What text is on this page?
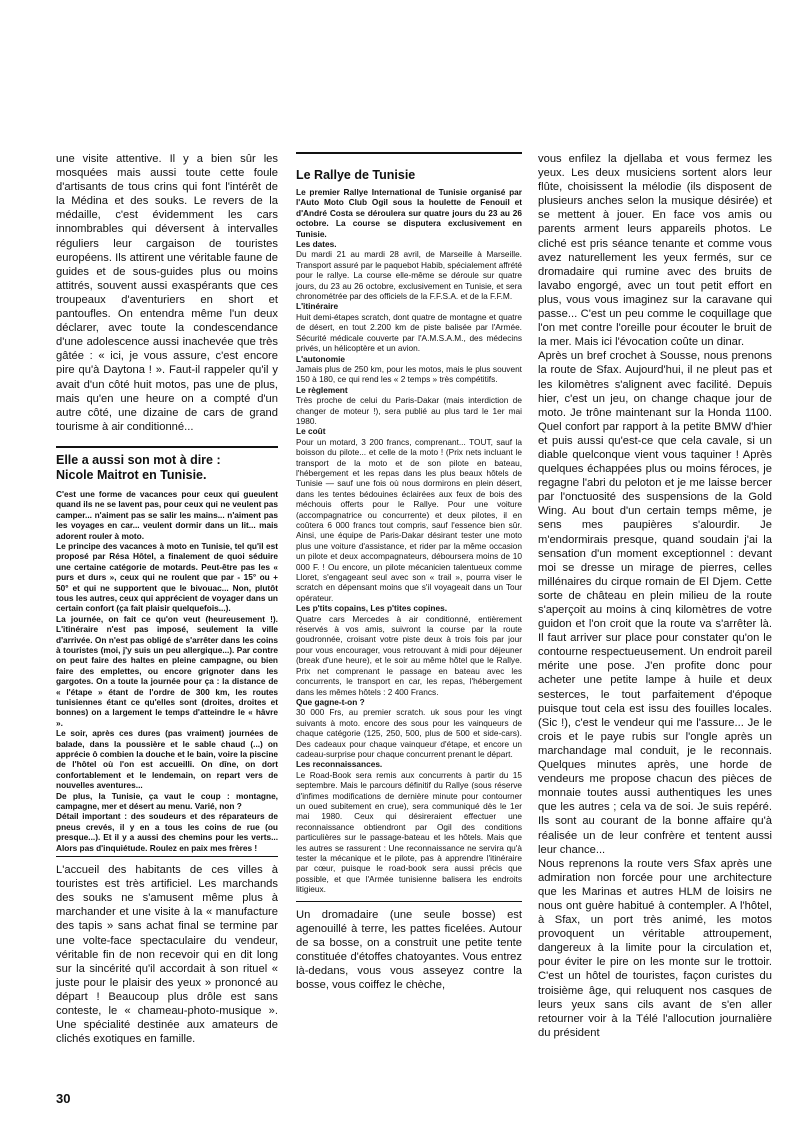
une visite attentive. Il y a bien sûr les mosquées mais aussi toute cette foule d'artisants de tous crins qui font l'intérêt de la Médina et des souks. Le revers de la médaille, c'est évidemment les cars innombrables qui déversent à intervalles réguliers leur cargaison de touristes européens. Ils attirent une véritable faune de guides et de sous-guides plus ou moins attitrés, souvent aussi exaspérants que ces troupeaux d'aventuriers en short et pantoufles. On entendra même l'un deux déclarer, avec toute la condescendance d'une adolescence aussi inachevée que très gâtée : « ici, je vous assure, c'est encore pire qu'à Daytona ! ». Faut-il rappeler qu'il y avait d'un côté huit motos, pas une de plus, mais qu'en une heure on a compté d'un autre côté, une dizaine de cars de grand tourisme à air conditionné...

Elle a aussi son mot à dire :
Nicole Maitrot en Tunisie.

C'est une forme de vacances pour ceux qui gueulent quand ils ne se lavent pas, pour ceux qui ne veulent pas camper... n'aiment pas se salir les mains... n'aiment pas les voyages en car... veulent dormir dans un lit... mais adorent rouler à moto.

Le principe des vacances à moto en Tunisie, tel qu'il est proposé par Résa Hôtel, a finalement de quoi séduire une certaine catégorie de motards. Peut-être pas les « purs et durs », ceux qui ne roulent que par - 15° ou + 50° et qui ne supportent que le bivouac... Non, plutôt tous les autres, ceux qui apprécient de voyager dans un certain confort (ça fait plaisir quelquefois...).

La journée, on fait ce qu'on veut (heureusement !). L'itinéraire n'est pas imposé, seulement la ville d'arrivée. On n'est pas obligé de s'arrêter dans les coins à touristes (moi, j'y suis un peu allergique...). Par contre on peut faire des haltes en pleine campagne, ou bien faire des emplettes, ou encore grignoter dans les gargotes. On a toute la journée pour ça : la distance de « l'étape » étant de l'ordre de 300 km, les routes tunisiennes étant ce qu'elles sont (droites, droites et bonnes) on a largement le temps d'atteindre le « hâvre ».

Le soir, après ces dures (pas vraiment) journées de balade, dans la poussière et le sable chaud (...) on apprécie ô combien la douche et le bain, voire la piscine de l'hôtel où l'on est accueilli. On dîne, on dort confortablement et le lendemain, on repart vers de nouvelles aventures...

De plus, la Tunisie, ça vaut le coup : montagne, campagne, mer et désert au menu. Varié, non ?

Détail important : des soudeurs et des réparateurs de pneus crevés, il y en a tous les coins de rue (ou presque...). Et il y a aussi des chemins pour les verts... Alors pas d'inquiétude. Roulez en paix mes frères !

L'accueil des habitants de ces villes à touristes est très artificiel. Les marchands des souks ne s'amusent même plus à marchander et une visite à la « manufacture des tapis » sans achat final se termine par une volte-face spectaculaire du vendeur, véritable fin de non recevoir qui en dit long sur la sincérité qu'il accordait à son rituel « juste pour le plaisir des yeux » prononcé au départ ! Beaucoup plus drôle est sans conteste, le « chameau-photo-musique ». Une spécialité destinée aux amateurs de clichés exotiques en famille.

Le Rallye de Tunisie

Le premier Rallye International de Tunisie organisé par l'Auto Moto Club Ogil sous la houlette de Fenouil et d'André Costa se déroulera sur quatre jours du 23 au 26 octobre. La course se disputera exclusivement en Tunisie.

Les dates.
Du mardi 21 au mardi 28 avril, de Marseille à Marseille. Transport assuré par le paquebot Habib, spécialement affrété pour le rallye. La course elle-même se déroule sur quatre jours, du 23 au 26 octobre, exclusivement en Tunisie, et sera chronométrée par des officiels de la F.F.S.A. et de la F.F.M.

L'itinéraire
Huit demi-étapes scratch, dont quatre de montagne et quatre de désert, en tout 2.200 km de piste balisée par l'Armée. Sécurité médicale couverte par l'A.M.S.A.M., des médecins privés, un hélicoptère et un avion.

L'autonomie
Jamais plus de 250 km, pour les motos, mais le plus souvent 150 à 180, ce qui rend les « 2 temps » très compétitifs.

Le règlement
Très proche de celui du Paris-Dakar (mais interdiction de changer de moteur !), sera publié au plus tard le 1er mai 1980.

Le coût
Pour un motard, 3 200 francs, comprenant... TOUT, sauf la boisson du pilote... et celle de la moto ! (Prix nets incluant le transport de la moto et de son pilote en bateau, l'hébergement et les repas dans les plus beaux hôtels de Tunisie — sauf une fois où nous dormirons en plein désert, dans les tentes bédouines éclairées aux feux de bois des méchouis offerts pour le Rallye. Pour une voiture (accompagnatrice ou concurrente) et deux pilotes, il en coûtera 6 000 francs tout compris, sauf l'essence bien sûr. Ainsi, une équipe de Paris-Dakar désirant tester une moto plus une voiture d'assistance, et rider par la même occasion un pilote et deux accompagnateurs, déboursera moins de 10 000 F. ! Ou encore, un pilote mécanicien talentueux comme Lloret, s'engageant seul avec son « trail », pourra viser le scratch en dépensant moins que s'il voyageait dans un Tour opérateur.

Les p'tits copains, Les p'tites copines.
Quatre cars Mercedes à air conditionné, entièrement réservés à vos amis, suivront la course par la route goudronnée, croisant votre piste deux à trois fois par jour pour vous encourager, vous retrouvant à midi pour déjeuner (break d'une heure), et le soir au même hôtel que le Rallye. Prix net comprenant le passage en bateau avec les concurrents, le transport en car, les repas, l'hébergement dans les mêmes hôtels : 2 400 Francs.

Que gagne-t-on ?
30 000 Frs, au premier scratch. uk sous pour les vingt suivants à moto. encore des sous pour les vainqueurs de chaque catégorie (125, 250, 500, plus de 500 et side-cars). Des cadeaux pour chaque vainqueur d'étape, et encore un cadeau-surprise pour chaque concurrent prenant le départ.

Les reconnaissances.
Le Road-Book sera remis aux concurrents à partir du 15 septembre. Mais le parcours définitif du Rallye (sous réserve d'infimes modifications de dernière minute pour contourner un oued subitement en crue), sera communiqué dès le 1er mai 1980. Ceux qui désireraient effectuer une reconnaissance obtiendront par Ogil des conditions particulières sur le passage-bateau et les hôtels. Mais que les autres se rassurent : Une reconnaissance ne servira qu'à tester la mécanique et le pilote, pas à apprendre l'itinéraire par cœur, puisque le road-book sera aussi précis que possible, et que l'Armée tunisienne balisera les endroits litigieux.

Un dromadaire (une seule bosse) est agenouillé à terre, les pattes ficelées. Autour de sa bosse, on a construit une petite tente constituée d'étoffes chatoyantes. Vous entrez là-dedans, vous vous asseyez contre la bosse, vous coiffez le chèche,

vous enfilez la djellaba et vous fermez les yeux. Les deux musiciens sortent alors leur flûte, choisissent la mélodie (ils disposent de plusieurs anches selon la musique désirée) et se mettent à jouer. En face vos amis ou parents arment leurs appareils photos. Le cliché est pris séance tenante et comme vous avez naturellement les yeux fermés, sur ce dromadaire qui rumine avec des bruits de lavabo engorgé, avec un tout petit effort en plus, vous vous imaginez sur la caravane qui passe... C'est un peu comme le coquillage que l'on met contre l'oreille pour écouter le bruit de la mer. Mais ici l'évocation coûte un dinar.

Après un bref crochet à Sousse, nous prenons la route de Sfax. Aujourd'hui, il ne pleut pas et les kilomètres s'alignent avec facilité. Depuis hier, c'est un jeu, on change chaque jour de moto. Je trône maintenant sur la Honda 1100. Quel confort par rapport à la petite BMW d'hier et puis aussi qu'est-ce que cela cavale, si un diable quelconque vient vous taquiner ! Après quelques échappées plus ou moins féroces, je regagne l'abri du peloton et je me laisse bercer par l'onctuosité des suspensions de la Gold Wing. Au bout d'un certain temps même, je sens mes paupières s'alourdir. Je m'endormirais presque, quand soudain j'ai la sensation d'un moment exceptionnel : devant moi se dresse un mirage de pierres, celles millénaires du cirque romain de El Djem. Cette sorte de château en plein milieu de la route s'aperçoit au moins à cinq kilomètres de votre guidon et l'on croit que la route va s'arrêter là. Il faut arriver sur place pour constater qu'on le contourne respectueusement. Un endroit pareil mérite une pose. J'en profite donc pour acheter une petite lampe à huile et deux sesterces, le tout parfaitement d'époque puisque tout cela est issu des fouilles locales. (Sic !), c'est le vendeur qui me l'assure... Je le crois et le paye rubis sur l'ongle après un marchandage mal conduit, je le reconnais. Quelques minutes après, une horde de vendeurs me propose chacun des pièces de monnaie toutes aussi authentiques les unes que les autres ; cela va de soi. Je suis repéré. Ils sont au courant de la bonne affaire qu'à réalisée un de leur confrère et tentent aussi leur chance...

Nous reprenons la route vers Sfax après une admiration non forcée pour une architecture que les Marinas et autres HLM de loisirs ne nous ont guère habitué à contempler. A l'hôtel, à Sfax, un port très animé, les motos provoquent un véritable attroupement, dangereux à la limite pour la circulation et, pour éviter le pire on les monte sur le trottoir. C'est un hôtel de touristes, façon curistes du troisième âge, qui reluquent nos casques de leurs yeux sans cils avant de s'en aller retourner voir à la Télé l'allocution journalière du président

30
